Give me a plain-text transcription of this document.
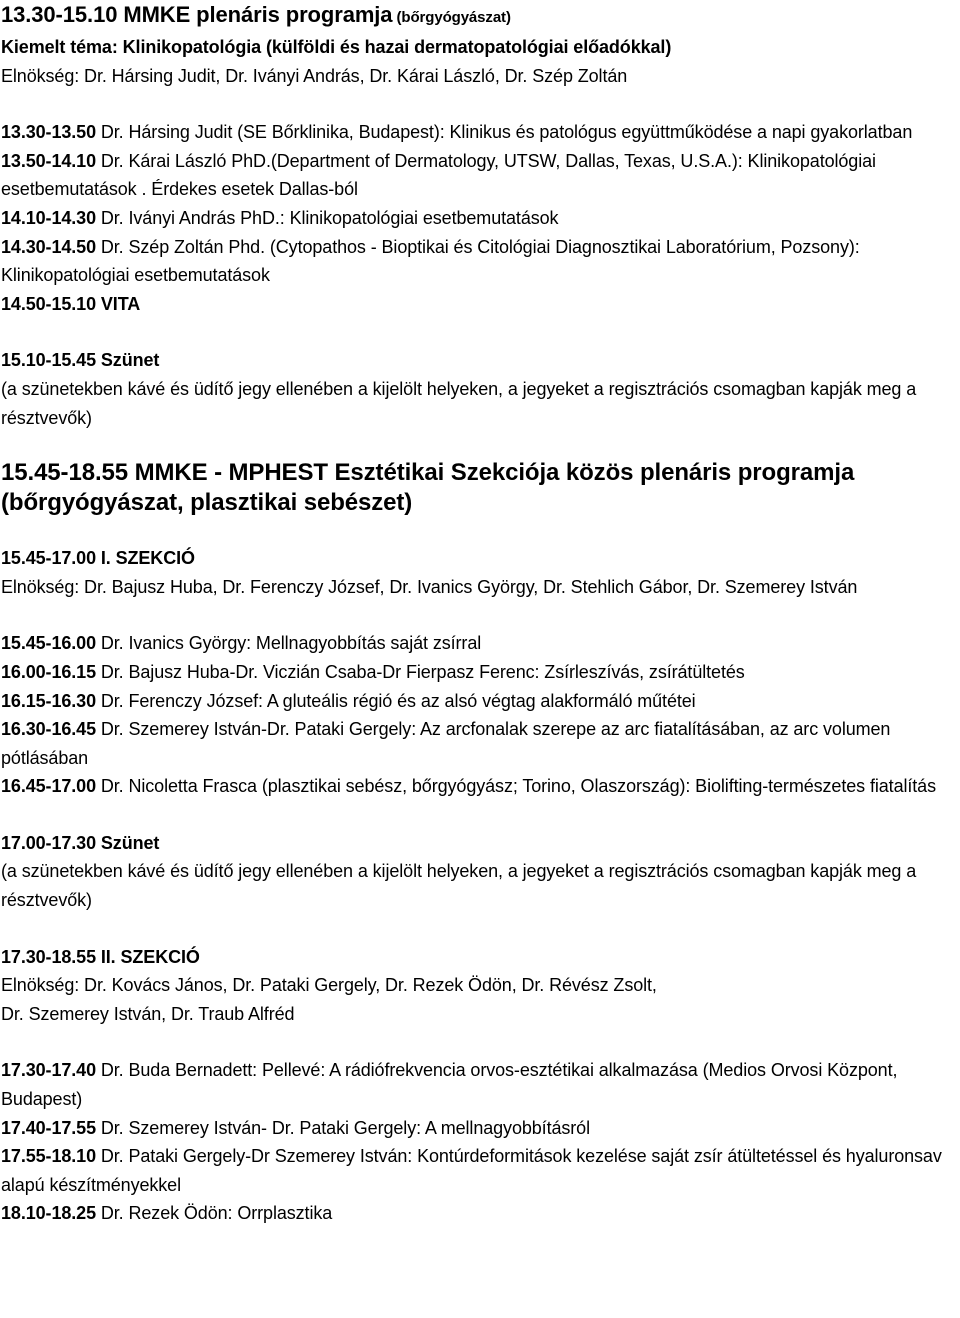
13.30-15.10 MMKE plenáris programja (bőrgyógyászat)
Kiemelt téma: Klinikopatológia (külföldi és hazai dermatopatológiai előadókkal)
Elnökség: Dr. Hársing Judit, Dr. Iványi András, Dr. Kárai László, Dr. Szép Zoltán
13.30-13.50 Dr. Hársing Judit (SE Bőrklinika, Budapest): Klinikus és patológus együttműködése a napi gyakorlatban
13.50-14.10 Dr. Kárai László PhD.(Department of Dermatology, UTSW, Dallas, Texas, U.S.A.): Klinikopatológiai esetbemutatások . Érdekes esetek Dallas-ból
14.10-14.30 Dr. Iványi András PhD.: Klinikopatológiai esetbemutatások
14.30-14.50 Dr. Szép Zoltán Phd. (Cytopathos - Bioptikai és Citológiai Diagnosztikai Laboratórium, Pozsony): Klinikopatológiai esetbemutatások
14.50-15.10 VITA
15.10-15.45 Szünet
(a szünetekben kávé és üdítő jegy ellenében a kijelölt helyeken, a jegyeket a regisztrációs csomagban kapják meg a résztvevők)
15.45-18.55 MMKE - MPHEST Esztétikai Szekciója közös plenáris programja (bőrgyógyászat, plasztikai sebészet)
15.45-17.00 I. SZEKCIÓ
Elnökség: Dr. Bajusz Huba, Dr. Ferenczy József, Dr. Ivanics György, Dr. Stehlich Gábor, Dr. Szemerey István
15.45-16.00 Dr. Ivanics György: Mellnagyobbítás saját zsírral
16.00-16.15 Dr. Bajusz Huba-Dr. Viczián Csaba-Dr Fierpasz Ferenc: Zsírleszívás, zsírátültetés
16.15-16.30 Dr. Ferenczy József: A gluteális régió és az alsó végtag alakformáló műtétei
16.30-16.45 Dr. Szemerey István-Dr. Pataki Gergely: Az arcfonalak szerepe az arc fiatalításában, az arc volumen pótlásában
16.45-17.00 Dr. Nicoletta Frasca (plasztikai sebész, bőrgyógyász; Torino, Olaszország): Biolifting-természetes fiatalítás
17.00-17.30 Szünet
(a szünetekben kávé és üdítő jegy ellenében a kijelölt helyeken, a jegyeket a regisztrációs csomagban kapják meg a résztvevők)
17.30-18.55 II. SZEKCIÓ
Elnökség: Dr. Kovács János, Dr. Pataki Gergely, Dr. Rezek Ödön, Dr. Révész Zsolt,
Dr. Szemerey István, Dr. Traub Alfréd
17.30-17.40 Dr. Buda Bernadett: Pellevé: A rádiófrekvencia orvos-esztétikai alkalmazása (Medios Orvosi Központ, Budapest)
17.40-17.55 Dr. Szemerey István- Dr. Pataki Gergely: A mellnagyobbításról
17.55-18.10 Dr. Pataki Gergely-Dr Szemerey István: Kontúrdeformitások kezelése saját zsír átültetéssel és hyaluronsav alapú készítményekkel
18.10-18.25 Dr. Rezek Ödön: Orrplasztika
